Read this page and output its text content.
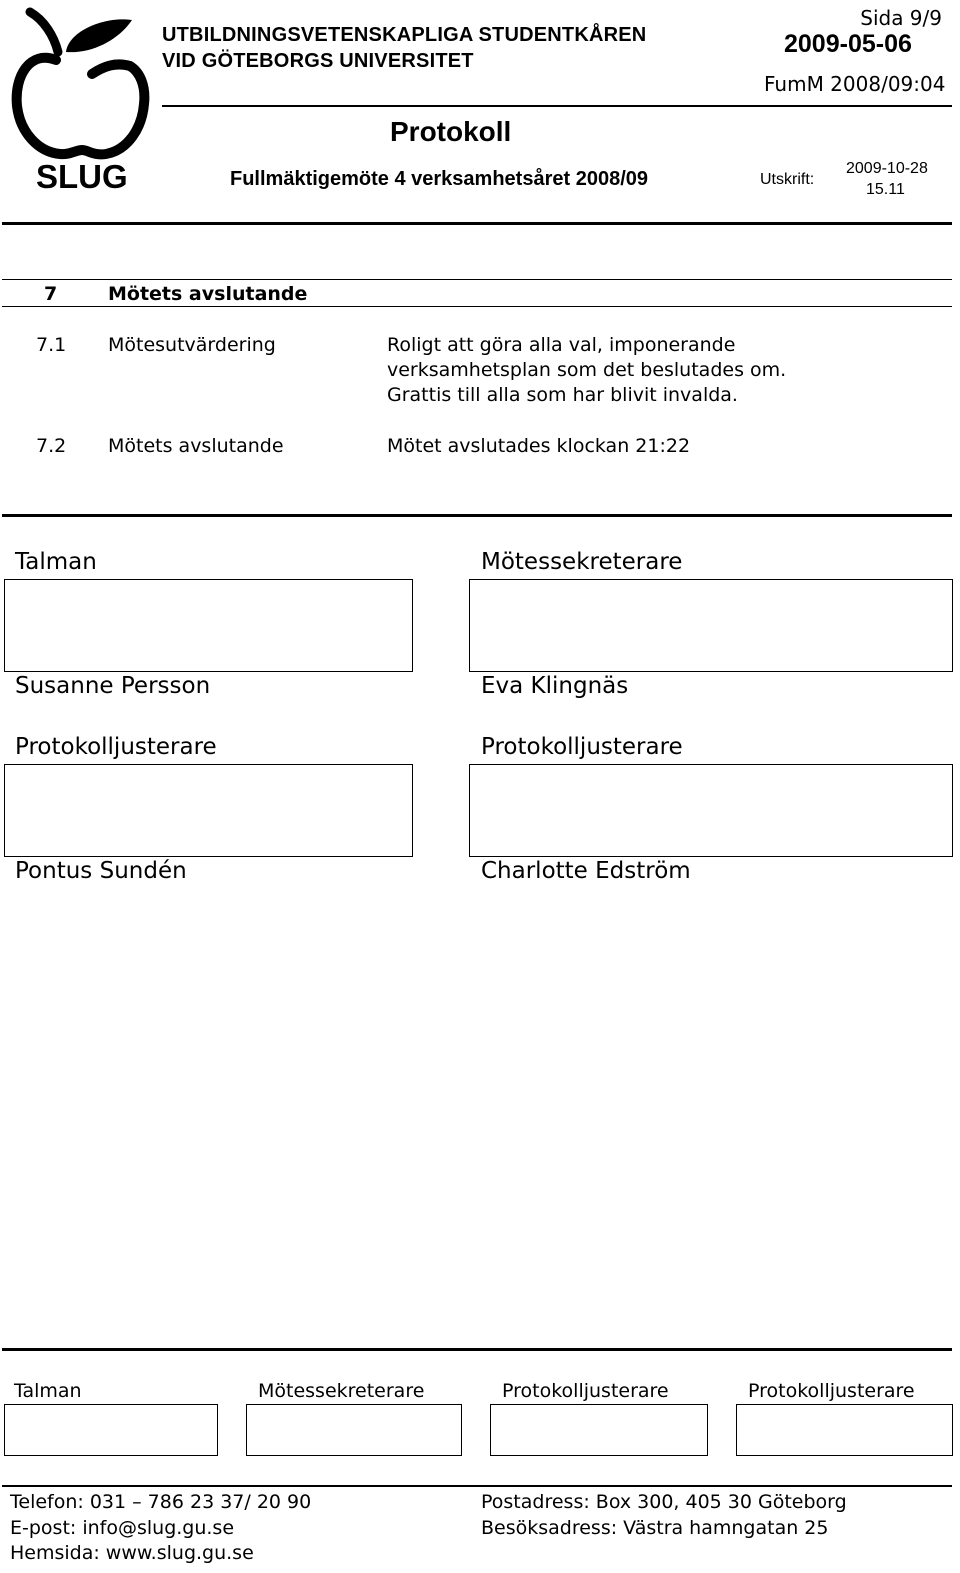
SLUG
UTBILDNINGSVETENSKAPLIGA STUDENTKÅREN
VID GÖTEBORGS UNIVERSITET
Sida 9/9
2009-05-06
FumM 2008/09:04
Protokoll
Fullmäktigemöte 4 verksamhetsåret 2008/09	Utskrift:
2009-10-28
15.11
7	Mötets avslutande
7.1 Mötesutvärdering	Roligt att göra alla val, imponerande
verksamhetsplan som det beslutades om.
Grattis till alla som har blivit invalda.
7.2 Mötets avslutande	Mötet avslutades klockan 21:22
Talman	Mötessekreterare
Susanne Persson	Eva Klingnäs
Protokolljusterare	Protokolljusterare
Pontus Sundén	Charlotte Edström
Talman	Mötessekreterare	Protokolljusterare	Protokolljusterare
Telefon: 031 – 786 23 37/ 20 90
E-post: info@slug.gu.se
Hemsida: www.slug.gu.se
Postadress: Box 300, 405 30 Göteborg
Besöksadress: Västra hamngatan 25
